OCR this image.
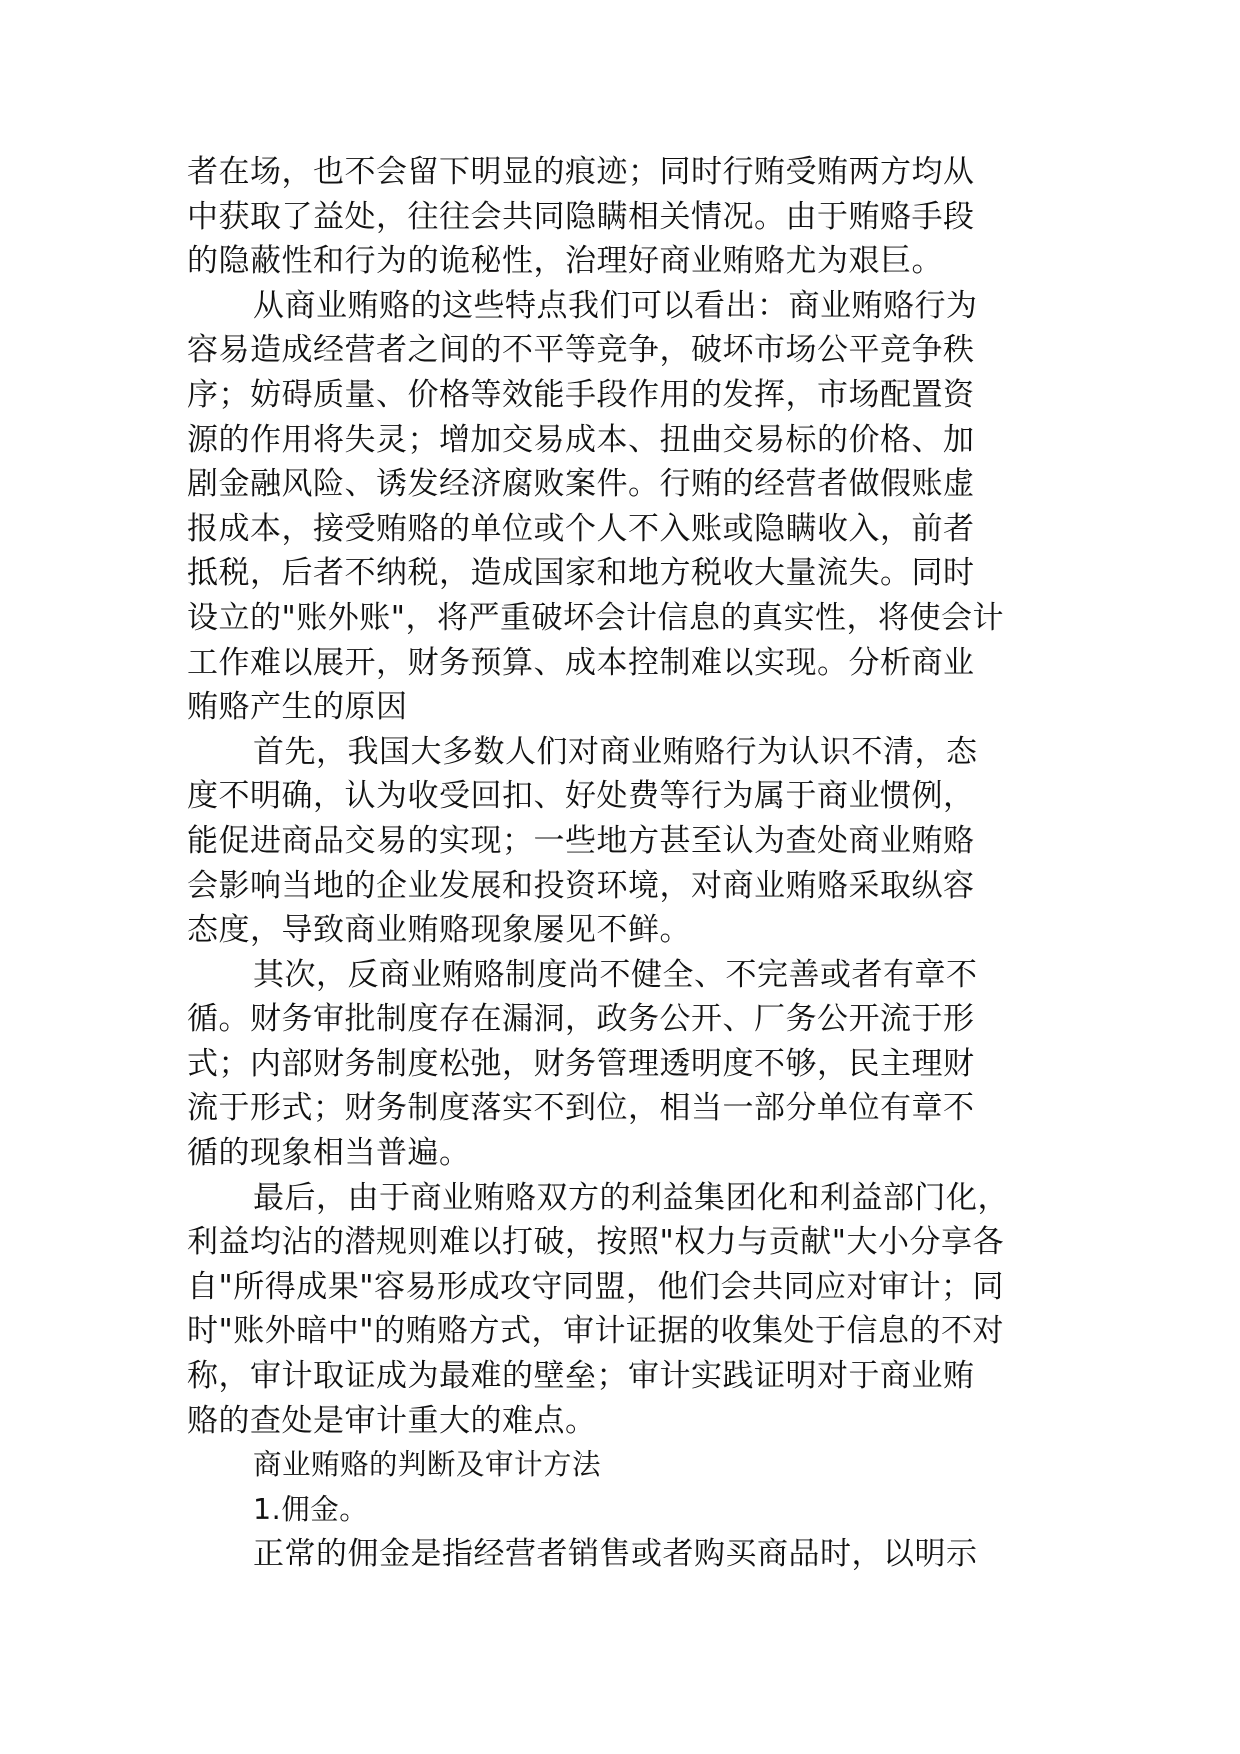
者在场，也不会留下明显的痕迹；同时行贿受贿两方均从
中获取了益处，往往会共同隐瞒相关情况。由于贿赂手段
的隐蔽性和行为的诡秘性，治理好商业贿赂尤为艰巨。
从商业贿赂的这些特点我们可以看出：商业贿赂行为
容易造成经营者之间的不平等竞争，破坏市场公平竞争秩
序；妨碍质量、价格等效能手段作用的发挥，市场配置资
源的作用将失灵；增加交易成本、扭曲交易标的价格、加
剧金融风险、诱发经济腐败案件。行贿的经营者做假账虚
报成本，接受贿赂的单位或个人不入账或隐瞒收入，前者
抵税，后者不纳税，造成国家和地方税收大量流失。同时
设立的"账外账"，将严重破坏会计信息的真实性，将使会计
工作难以展开，财务预算、成本控制难以实现。分析商业
贿赂产生的原因
首先，我国大多数人们对商业贿赂行为认识不清，态
度不明确，认为收受回扣、好处费等行为属于商业惯例，
能促进商品交易的实现；一些地方甚至认为查处商业贿赂
会影响当地的企业发展和投资环境，对商业贿赂采取纵容
态度，导致商业贿赂现象屡见不鲜。
其次，反商业贿赂制度尚不健全、不完善或者有章不
循。财务审批制度存在漏洞，政务公开、厂务公开流于形
式；内部财务制度松弛，财务管理透明度不够，民主理财
流于形式；财务制度落实不到位，相当一部分单位有章不
循的现象相当普遍。
最后，由于商业贿赂双方的利益集团化和利益部门化，
利益均沾的潜规则难以打破，按照"权力与贡献"大小分享各
自"所得成果"容易形成攻守同盟，他们会共同应对审计；同
时"账外暗中"的贿赂方式，审计证据的收集处于信息的不对
称，审计取证成为最难的壁垒；审计实践证明对于商业贿
赂的查处是审计重大的难点。
商业贿赂的判断及审计方法
1.佣金。
正常的佣金是指经营者销售或者购买商品时，以明示
